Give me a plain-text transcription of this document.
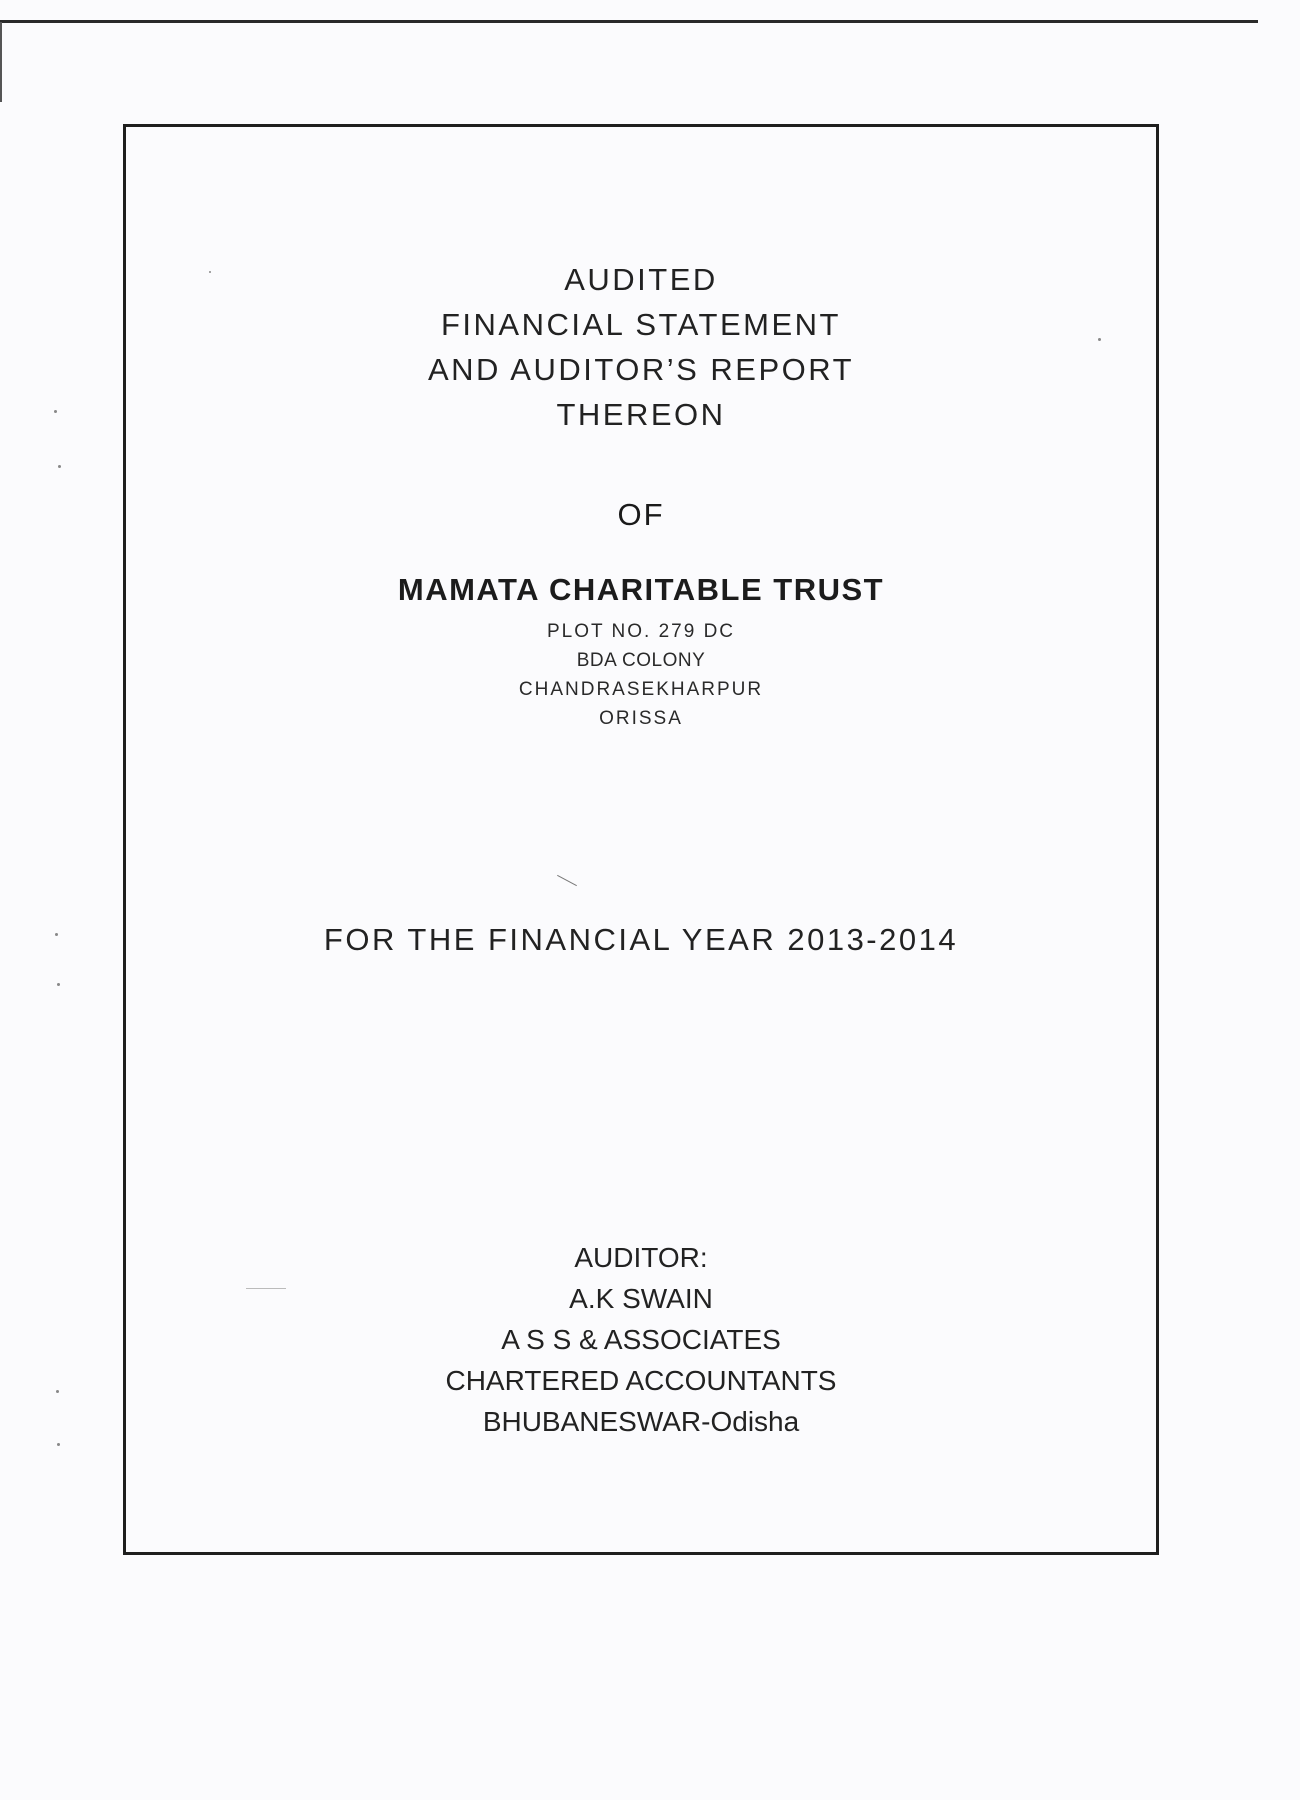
AUDITED
FINANCIAL STATEMENT
AND AUDITOR’S REPORT
THEREON
OF
MAMATA CHARITABLE TRUST
PLOT NO. 279 DC
BDA COLONY
CHANDRASEKHARPUR
ORISSA
FOR THE FINANCIAL YEAR 2013-2014
AUDITOR:
A.K SWAIN
A S S & ASSOCIATES
CHARTERED ACCOUNTANTS
BHUBANESWAR-Odisha
